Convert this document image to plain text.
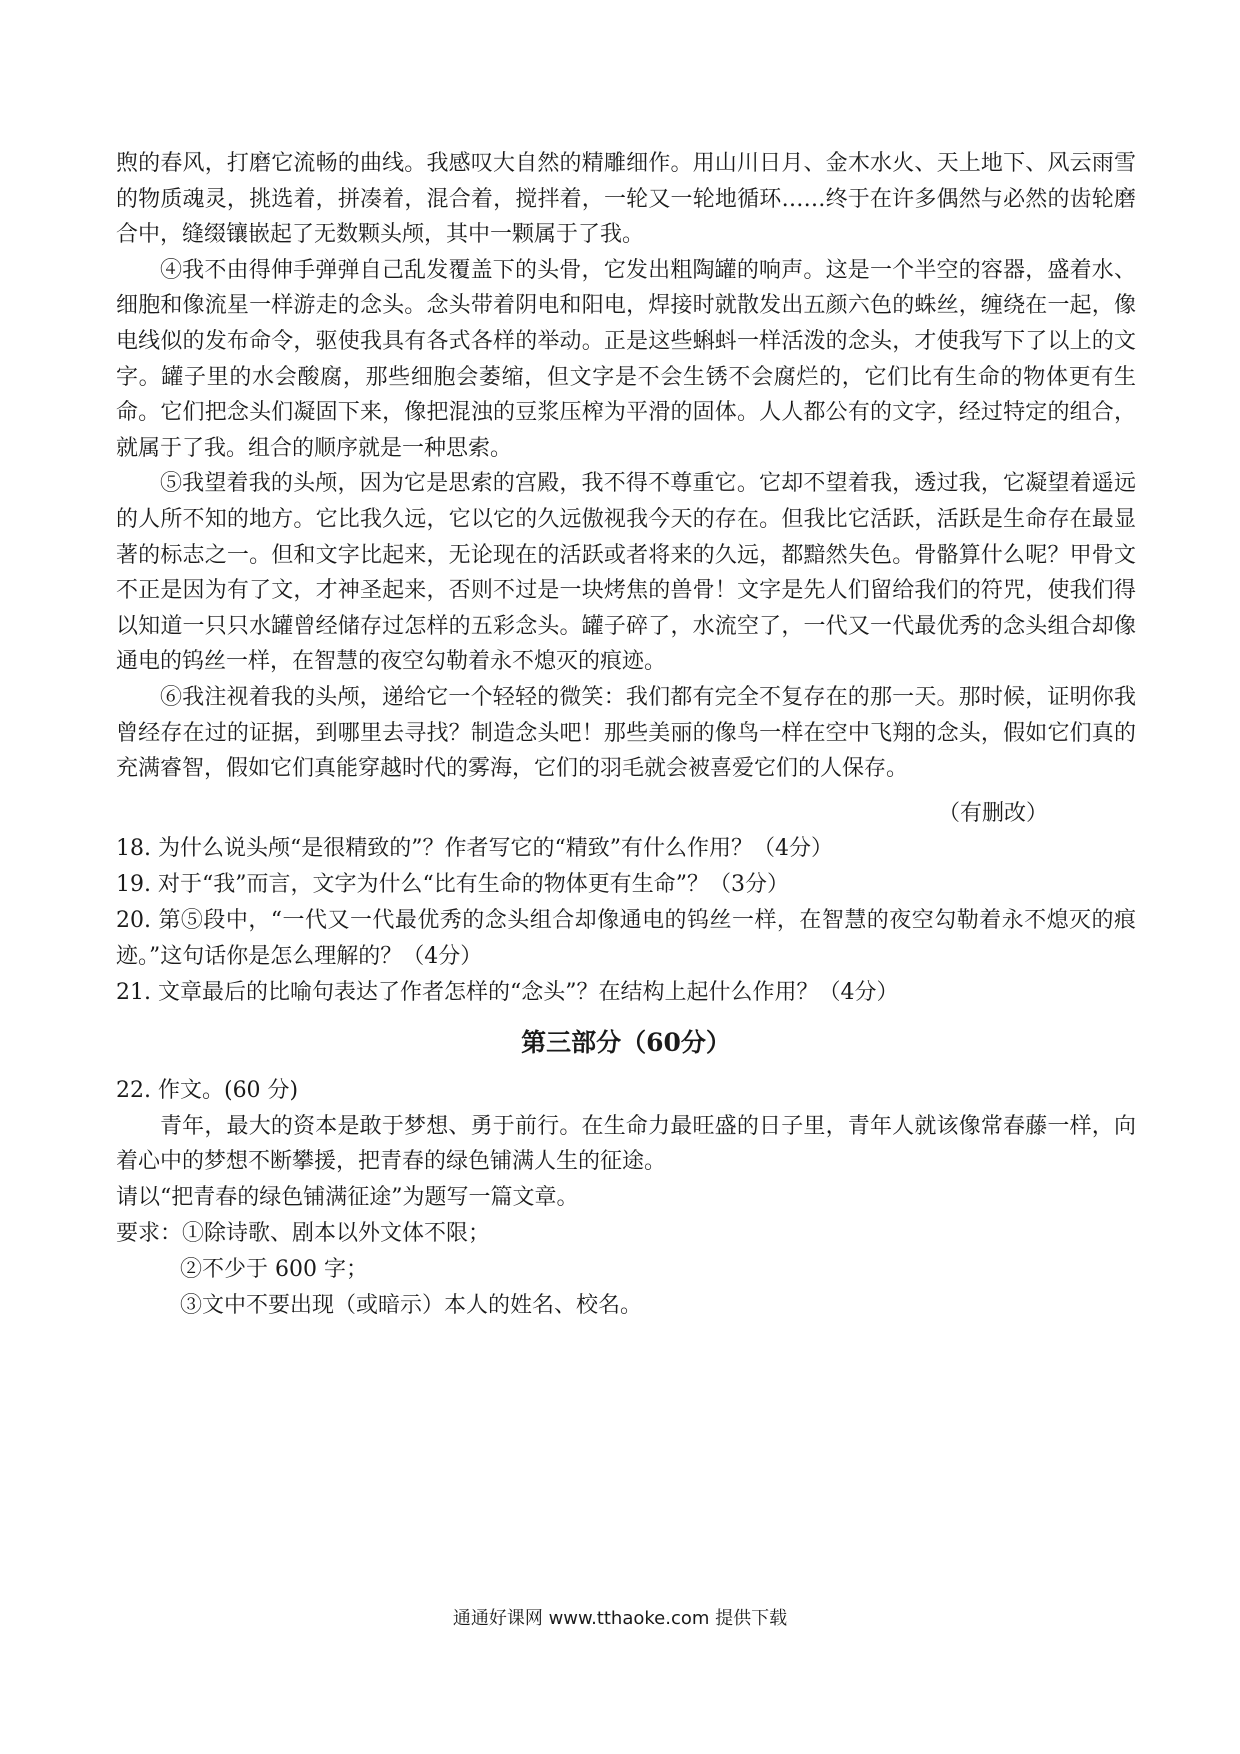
煦的春风，打磨它流畅的曲线。我感叹大自然的精雕细作。用山川日月、金木水火、天上地下、风云雨雪的物质魂灵，挑选着，拼凑着，混合着，搅拌着，一轮又一轮地循环……终于在许多偶然与必然的齿轮磨合中，缝缀镶嵌起了无数颗头颅，其中一颗属于了我。

④我不由得伸手弹弹自己乱发覆盖下的头骨，它发出粗陶罐的响声。这是一个半空的容器，盛着水、细胞和像流星一样游走的念头。念头带着阴电和阳电，焊接时就散发出五颜六色的蛛丝，缠绕在一起，像电线似的发布命令，驱使我具有各式各样的举动。正是这些蝌蚪一样活泼的念头，才使我写下了以上的文字。罐子里的水会酸腐，那些细胞会萎缩，但文字是不会生锈不会腐烂的，它们比有生命的物体更有生命。它们把念头们凝固下来，像把混浊的豆浆压榨为平滑的固体。人人都公有的文字，经过特定的组合，就属于了我。组合的顺序就是一种思索。

⑤我望着我的头颅，因为它是思索的宫殿，我不得不尊重它。它却不望着我，透过我，它凝望着遥远的人所不知的地方。它比我久远，它以它的久远傲视我今天的存在。但我比它活跃，活跃是生命存在最显著的标志之一。但和文字比起来，无论现在的活跃或者将来的久远，都黯然失色。骨骼算什么呢？甲骨文不正是因为有了文，才神圣起来，否则不过是一块烤焦的兽骨！文字是先人们留给我们的符咒，使我们得以知道一只只水罐曾经储存过怎样的五彩念头。罐子碎了，水流空了，一代又一代最优秀的念头组合却像通电的钨丝一样，在智慧的夜空勾勒着永不熄灭的痕迹。

⑥我注视着我的头颅，递给它一个轻轻的微笑：我们都有完全不复存在的那一天。那时候，证明你我曾经存在过的证据，到哪里去寻找？制造念头吧！那些美丽的像鸟一样在空中飞翔的念头，假如它们真的充满睿智，假如它们真能穿越时代的雾海，它们的羽毛就会被喜爱它们的人保存。

（有删改）

18. 为什么说头颅“是很精致的”？作者写它的“精致”有什么作用？（4分）

19. 对于“我”而言，文字为什么“比有生命的物体更有生命”？（3分）

20. 第⑤段中，“一代又一代最优秀的念头组合却像通电的钨丝一样，在智慧的夜空勾勒着永不熄灭的痕迹。”这句话你是怎么理解的？（4分）

21. 文章最后的比喻句表达了作者怎样的“念头”？在结构上起什么作用？（4分）

第三部分（60分）

22. 作文。(60 分)

青年，最大的资本是敢于梦想、勇于前行。在生命力最旺盛的日子里，青年人就该像常春藤一样，向着心中的梦想不断攀援，把青春的绿色铺满人生的征途。

请以“把青春的绿色铺满征途”为题写一篇文章。

要求：①除诗歌、剧本以外文体不限；

②不少于 600 字；

③文中不要出现（或暗示）本人的姓名、校名。

通通好课网 www.tthaoke.com 提供下载
